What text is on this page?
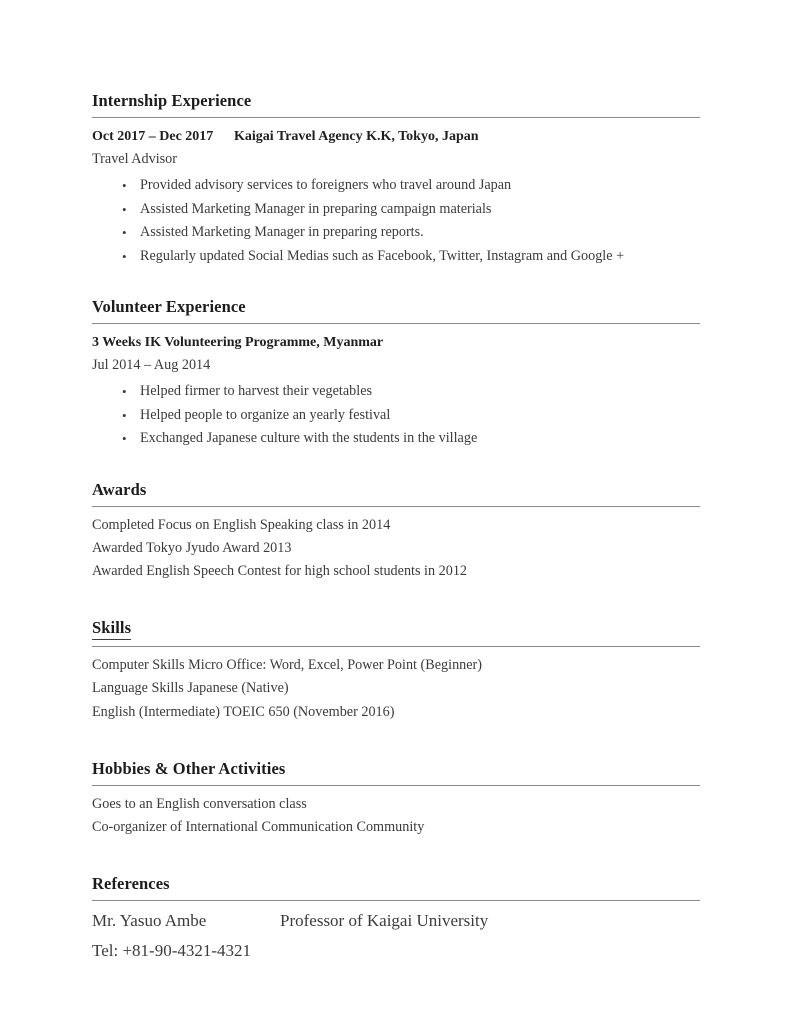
Internship Experience
Oct 2017 – Dec 2017	Kaigai Travel Agency K.K, Tokyo, Japan
Travel Advisor
• Provided advisory services to foreigners who travel around Japan
• Assisted Marketing Manager in preparing campaign materials
• Assisted Marketing Manager in preparing reports.
• Regularly updated Social Medias such as Facebook, Twitter, Instagram and Google +
Volunteer Experience
3 Weeks IK Volunteering Programme, Myanmar
Jul 2014 – Aug 2014
• Helped firmer to harvest their vegetables
• Helped people to organize an yearly festival
• Exchanged Japanese culture with the students in the village
Awards
Completed Focus on English Speaking class in 2014
Awarded Tokyo Jyudo Award 2013
Awarded English Speech Contest for high school students in 2012
Skills
Computer Skills Micro Office: Word, Excel, Power Point (Beginner)
Language Skills Japanese (Native)
English (Intermediate) TOEIC 650 (November 2016)
Hobbies & Other Activities
Goes to an English conversation class
Co-organizer of International Communication Community
References
Mr. Yasuo Ambe	Professor of Kaigai University
Tel: +81-90-4321-4321
